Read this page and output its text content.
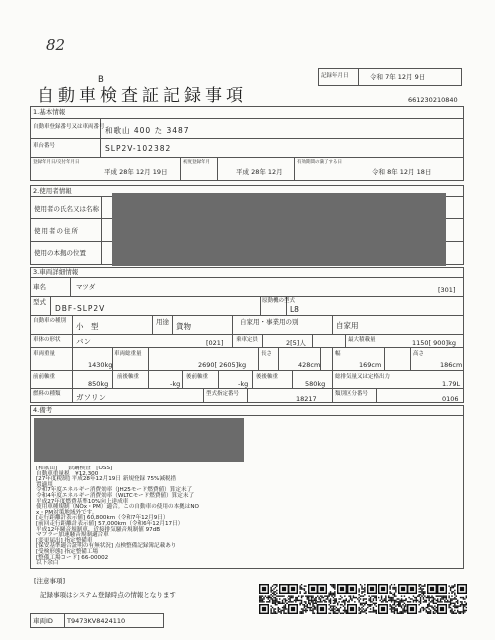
82
B
自動車検査証記録事項
記録年月日	令和 7年 12月 9日
661230210840
1.基本情報
自動車登録番号又は車両番号 和歌山 400 た 3487
車台番号	SLP2V-102382
登録年月日/交付年月日
平成 28年 12月 19日
初度登録年月
平成 28年 12月
有効期間の満了する日
令和 8年 12月 18日
2.使用者情報
使用者の氏名又は名称
使用者の住所
使用の本拠の位置
3.車両詳細情報
車名	マツダ	[301]
型式
DBF-SLP2V
原動機の型式
L8
自動車の種別
小　型	用途 貨物	自家用・事業用の別	自家用
車体の形状 バン	[021] 乗車定員	2[5]人	最大積載量	1150[ 900]kg
車両重量
1430kg
車両総重量
2690[ 2605]kg
長さ
428cm
幅
169cm
高さ
186cm
前前軸重
850kg
前後軸重
-kg
後前軸重
-kg
後後軸重
580kg
総排気量又は定格出力
1.79L
燃料の種類 ガソリン	型式指定番号
18217
類別区分番号
0106
4.備考
[和歌山]　　鉄鋼検査　[OSS]
自動車重量税　¥12,300
[27年度税制] 平成28年12月19日 新規登録 75%減税措
置適用
令和7年度エネルギー消費効率（JH25モード燃費値）算定未了
令和4年度エネルギー消費効率（WLTCモード燃費値）算定未了
平成27年度燃費基準10%向上達成車
使用車種規制（NOx・PM）適合。この自動車の使用の本拠はNO
x・PM対策地域外です。
[走行距離計表示値] 60,800km（令和7年12月9日）
[前回走行距離計表示値] 57,000km（令和6年12月17日）
平成12年騒音規制車、近接排気騒音規制値 97dB
マフラー加速騒音規制適合車
[変更届出] 指定整備車
[保安基準適合証明の有無状況] 点検整備記録簿記載あり
[受検形態] 指定整備工場
[整備工場コード] 66-00002
以下余白
[注意事項]
記録事項はシステム登録時点の情報となります
車両ID T9473KV8424110
